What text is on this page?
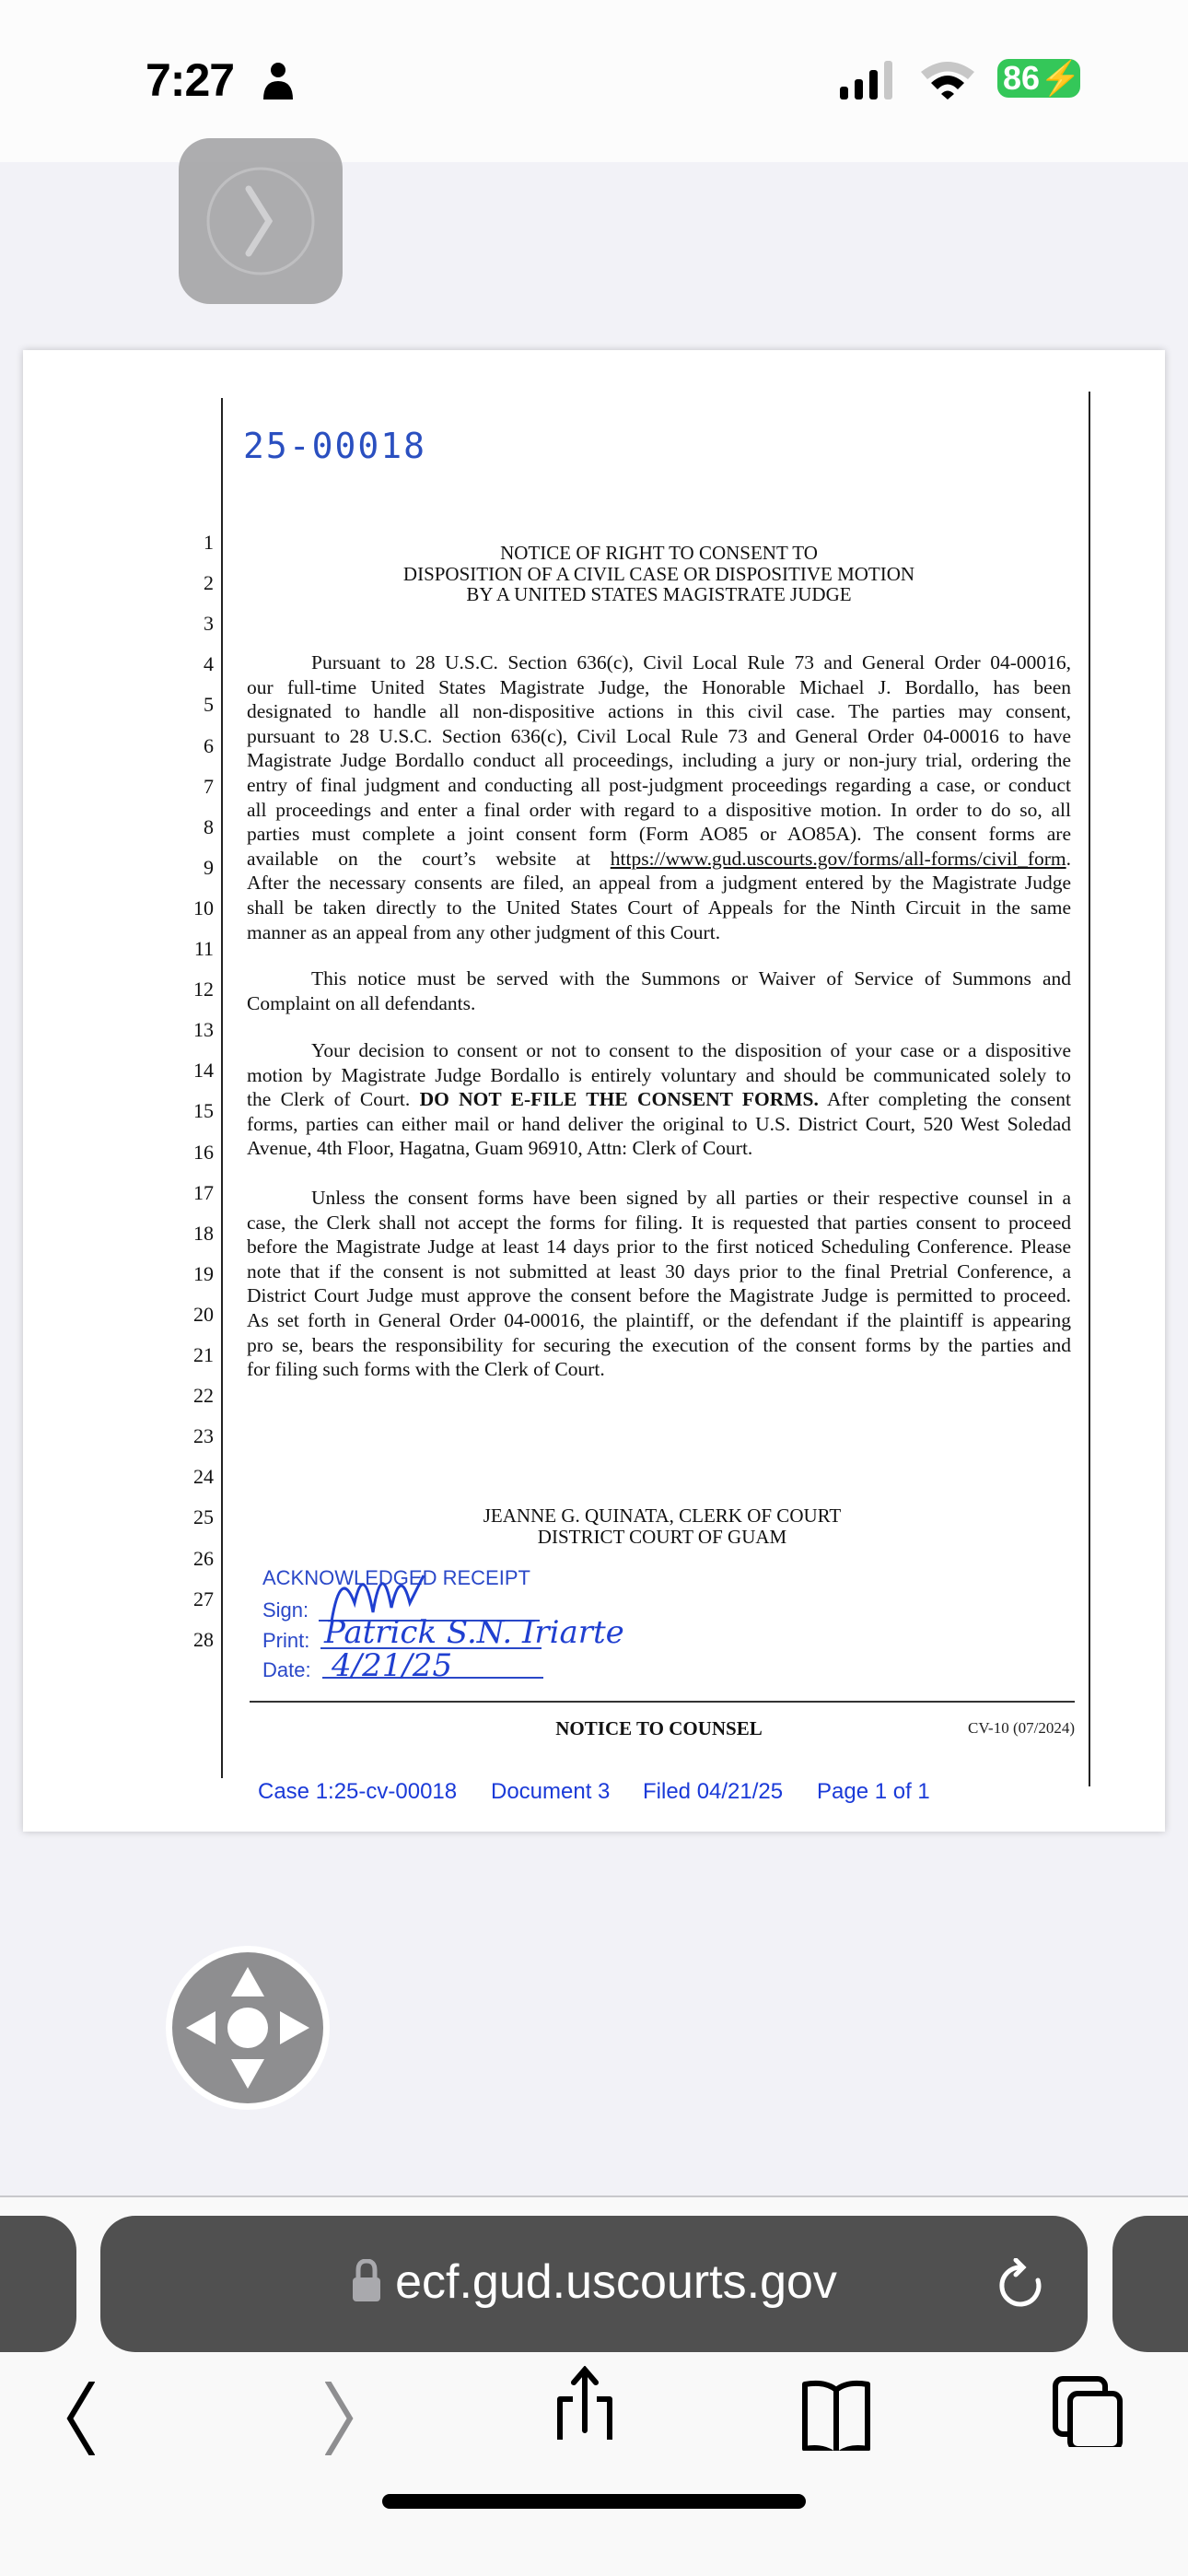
7:27	86⚡
25-00018
1
2
3
4
5
6
7
8
9
10
11
12
13
14
15
16
17
18
19
20
21
22
23
24
25
26
27
28
NOTICE OF RIGHT TO CONSENT TO
DISPOSITION OF A CIVIL CASE OR DISPOSITIVE MOTION
BY A UNITED STATES MAGISTRATE JUDGE
Pursuant to 28 U.S.C. Section 636(c), Civil Local Rule 73 and General Order 04-00016,
our full-time United States Magistrate Judge, the Honorable Michael J. Bordallo, has been
designated to handle all non-dispositive actions in this civil case. The parties may consent,
pursuant to 28 U.S.C. Section 636(c), Civil Local Rule 73 and General Order 04-00016 to have
Magistrate Judge Bordallo conduct all proceedings, including a jury or non-jury trial, ordering the
entry of final judgment and conducting all post-judgment proceedings regarding a case, or conduct
all proceedings and enter a final order with regard to a dispositive motion. In order to do so, all
parties must complete a joint consent form (Form AO85 or AO85A). The consent forms are
available on the court’s website at https://www.gud.uscourts.gov/forms/all-forms/civil_form.
After the necessary consents are filed, an appeal from a judgment entered by the Magistrate Judge
shall be taken directly to the United States Court of Appeals for the Ninth Circuit in the same
manner as an appeal from any other judgment of this Court.
This notice must be served with the Summons or Waiver of Service of Summons and
Complaint on all defendants.
Your decision to consent or not to consent to the disposition of your case or a dispositive
motion by Magistrate Judge Bordallo is entirely voluntary and should be communicated solely to
the Clerk of Court. DO NOT E-FILE THE CONSENT FORMS. After completing the consent
forms, parties can either mail or hand deliver the original to U.S. District Court, 520 West Soledad
Avenue, 4th Floor, Hagatna, Guam 96910, Attn: Clerk of Court.
Unless the consent forms have been signed by all parties or their respective counsel in a
case, the Clerk shall not accept the forms for filing. It is requested that parties consent to proceed
before the Magistrate Judge at least 14 days prior to the first noticed Scheduling Conference. Please
note that if the consent is not submitted at least 30 days prior to the final Pretrial Conference, a
District Court Judge must approve the consent before the Magistrate Judge is permitted to proceed.
As set forth in General Order 04-00016, the plaintiff, or the defendant if the plaintiff is appearing
pro se, bears the responsibility for securing the execution of the consent forms by the parties and
for filing such forms with the Clerk of Court.
JEANNE G. QUINATA, CLERK OF COURT
DISTRICT COURT OF GUAM
ACKNOWLEDGED RECEIPT
Sign:
Print:
Date:
Patrick S.N. Iriarte
4/21/25
NOTICE TO COUNSEL	CV-10 (07/2024)
Case 1:25-cv-00018 Document 3 Filed 04/21/25 Page 1 of 1
ecf.gud.uscourts.gov
